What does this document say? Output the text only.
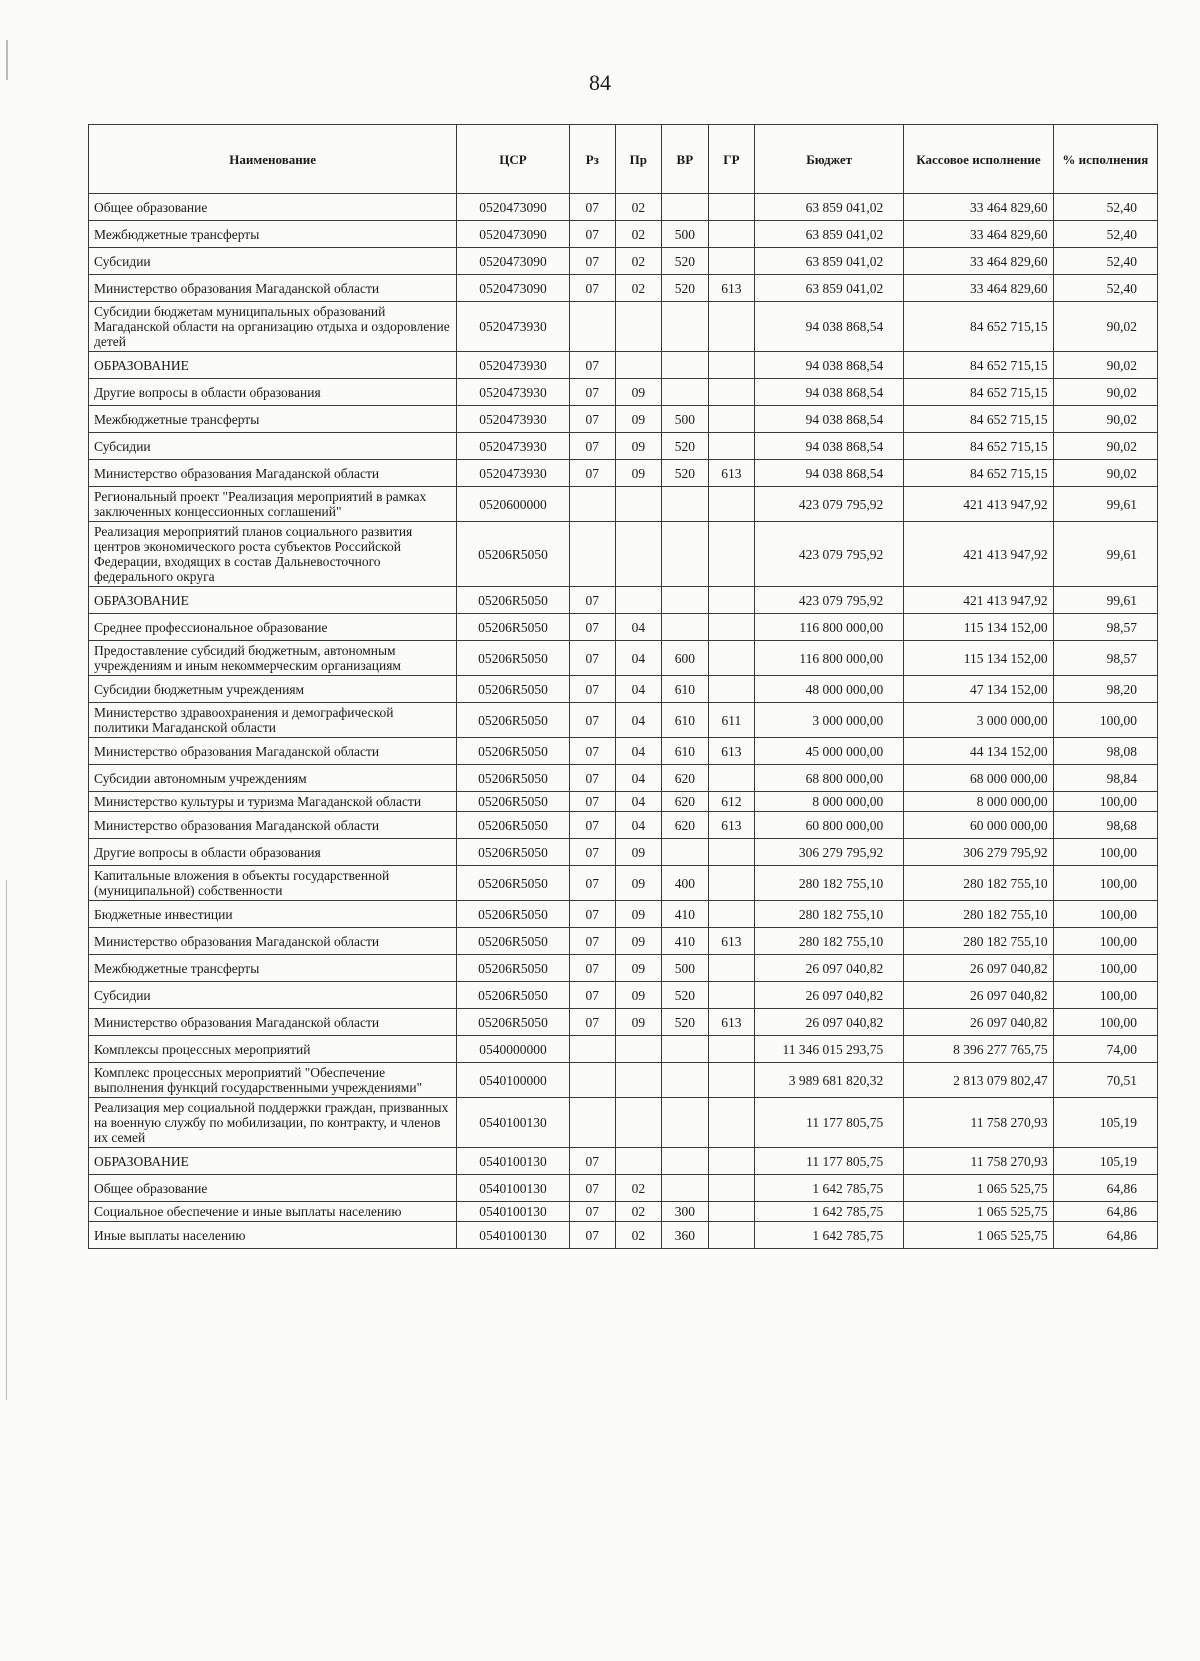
84
Наименование	ЦСР	Рз	Пр	ВР	ГР	Бюджет	Кассовое исполнение	% исполнения
Общее образование	0520473090	07	02			63 859 041,02	33 464 829,60	52,40
Межбюджетные трансферты	0520473090	07	02	500		63 859 041,02	33 464 829,60	52,40
Субсидии	0520473090	07	02	520		63 859 041,02	33 464 829,60	52,40
Министерство образования Магаданской области	0520473090	07	02	520	613	63 859 041,02	33 464 829,60	52,40
Субсидии бюджетам муниципальных образований Магаданской области на организацию отдыха и оздоровление детей	0520473930					94 038 868,54	84 652 715,15	90,02
ОБРАЗОВАНИЕ	0520473930	07				94 038 868,54	84 652 715,15	90,02
Другие вопросы в области образования	0520473930	07	09			94 038 868,54	84 652 715,15	90,02
Межбюджетные трансферты	0520473930	07	09	500		94 038 868,54	84 652 715,15	90,02
Субсидии	0520473930	07	09	520		94 038 868,54	84 652 715,15	90,02
Министерство образования Магаданской области	0520473930	07	09	520	613	94 038 868,54	84 652 715,15	90,02
Региональный проект "Реализация мероприятий в рамках заключенных концессионных соглашений"	0520600000					423 079 795,92	421 413 947,92	99,61
Реализация мероприятий планов социального развития центров экономического роста субъектов Российской Федерации, входящих в состав Дальневосточного федерального округа	05206R5050					423 079 795,92	421 413 947,92	99,61
ОБРАЗОВАНИЕ	05206R5050	07				423 079 795,92	421 413 947,92	99,61
Среднее профессиональное образование	05206R5050	07	04			116 800 000,00	115 134 152,00	98,57
Предоставление субсидий бюджетным, автономным учреждениям и иным некоммерческим организациям	05206R5050	07	04	600		116 800 000,00	115 134 152,00	98,57
Субсидии бюджетным учреждениям	05206R5050	07	04	610		48 000 000,00	47 134 152,00	98,20
Министерство здравоохранения и демографической политики Магаданской области	05206R5050	07	04	610	611	3 000 000,00	3 000 000,00	100,00
Министерство образования Магаданской области	05206R5050	07	04	610	613	45 000 000,00	44 134 152,00	98,08
Субсидии автономным учреждениям	05206R5050	07	04	620		68 800 000,00	68 000 000,00	98,84
Министерство культуры и туризма Магаданской области	05206R5050	07	04	620	612	8 000 000,00	8 000 000,00	100,00
Министерство образования Магаданской области	05206R5050	07	04	620	613	60 800 000,00	60 000 000,00	98,68
Другие вопросы в области образования	05206R5050	07	09			306 279 795,92	306 279 795,92	100,00
Капитальные вложения в объекты государственной (муниципальной) собственности	05206R5050	07	09	400		280 182 755,10	280 182 755,10	100,00
Бюджетные инвестиции	05206R5050	07	09	410		280 182 755,10	280 182 755,10	100,00
Министерство образования Магаданской области	05206R5050	07	09	410	613	280 182 755,10	280 182 755,10	100,00
Межбюджетные трансферты	05206R5050	07	09	500		26 097 040,82	26 097 040,82	100,00
Субсидии	05206R5050	07	09	520		26 097 040,82	26 097 040,82	100,00
Министерство образования Магаданской области	05206R5050	07	09	520	613	26 097 040,82	26 097 040,82	100,00
Комплексы процессных мероприятий	0540000000					11 346 015 293,75	8 396 277 765,75	74,00
Комплекс процессных мероприятий "Обеспечение выполнения функций государственными учреждениями"	0540100000					3 989 681 820,32	2 813 079 802,47	70,51
Реализация мер социальной поддержки граждан, призванных на военную службу по мобилизации, по контракту, и членов их семей	0540100130					11 177 805,75	11 758 270,93	105,19
ОБРАЗОВАНИЕ	0540100130	07				11 177 805,75	11 758 270,93	105,19
Общее образование	0540100130	07	02			1 642 785,75	1 065 525,75	64,86
Социальное обеспечение и иные выплаты населению	0540100130	07	02	300		1 642 785,75	1 065 525,75	64,86
Иные выплаты населению	0540100130	07	02	360		1 642 785,75	1 065 525,75	64,86
